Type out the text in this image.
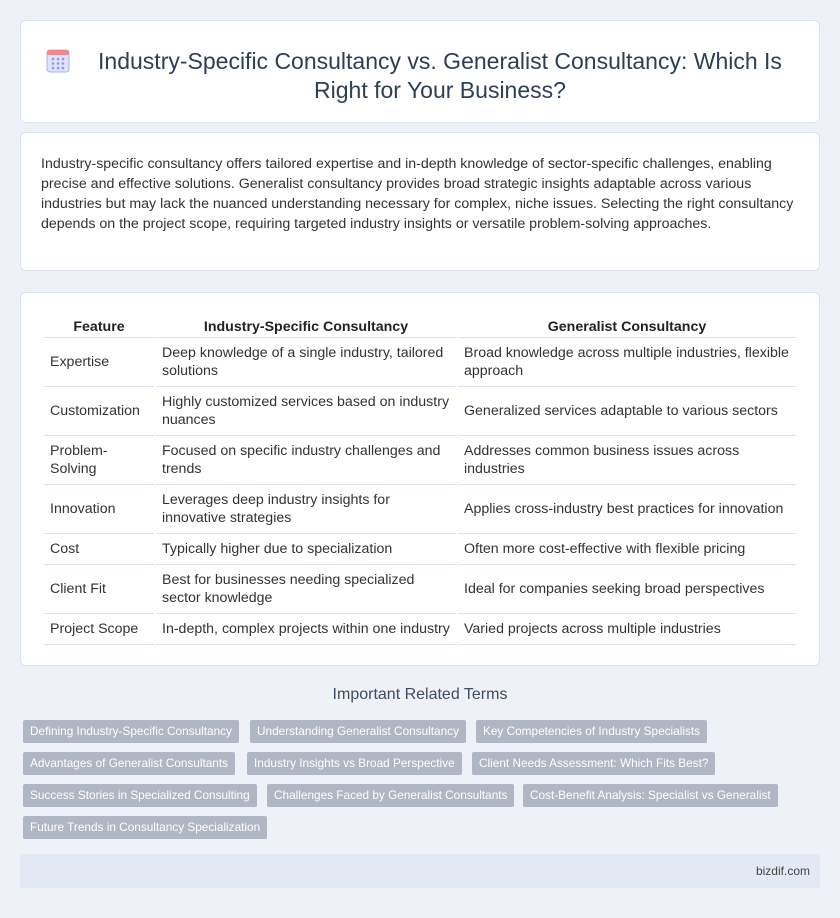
Industry-Specific Consultancy vs. Generalist Consultancy: Which Is Right for Your Business?

Industry-specific consultancy offers tailored expertise and in-depth knowledge of sector-specific challenges, enabling precise and effective solutions. Generalist consultancy provides broad strategic insights adaptable across various industries but may lack the nuanced understanding necessary for complex, niche issues. Selecting the right consultancy depends on the project scope, requiring targeted industry insights or versatile problem-solving approaches.

Feature	Industry-Specific Consultancy	Generalist Consultancy
Expertise	Deep knowledge of a single industry, tailored solutions	Broad knowledge across multiple industries, flexible approach
Customization	Highly customized services based on industry nuances	Generalized services adaptable to various sectors
Problem-Solving	Focused on specific industry challenges and trends	Addresses common business issues across industries
Innovation	Leverages deep industry insights for innovative strategies	Applies cross-industry best practices for innovation
Cost	Typically higher due to specialization	Often more cost-effective with flexible pricing
Client Fit	Best for businesses needing specialized sector knowledge	Ideal for companies seeking broad perspectives
Project Scope	In-depth, complex projects within one industry	Varied projects across multiple industries
Important Related Terms
Defining Industry-Specific Consultancy	Understanding Generalist Consultancy	Key Competencies of Industry Specialists
Advantages of Generalist Consultants	Industry Insights vs Broad Perspective	Client Needs Assessment: Which Fits Best?
Success Stories in Specialized Consulting	Challenges Faced by Generalist Consultants	Cost-Benefit Analysis: Specialist vs Generalist
Future Trends in Consultancy Specialization
bizdif.com
